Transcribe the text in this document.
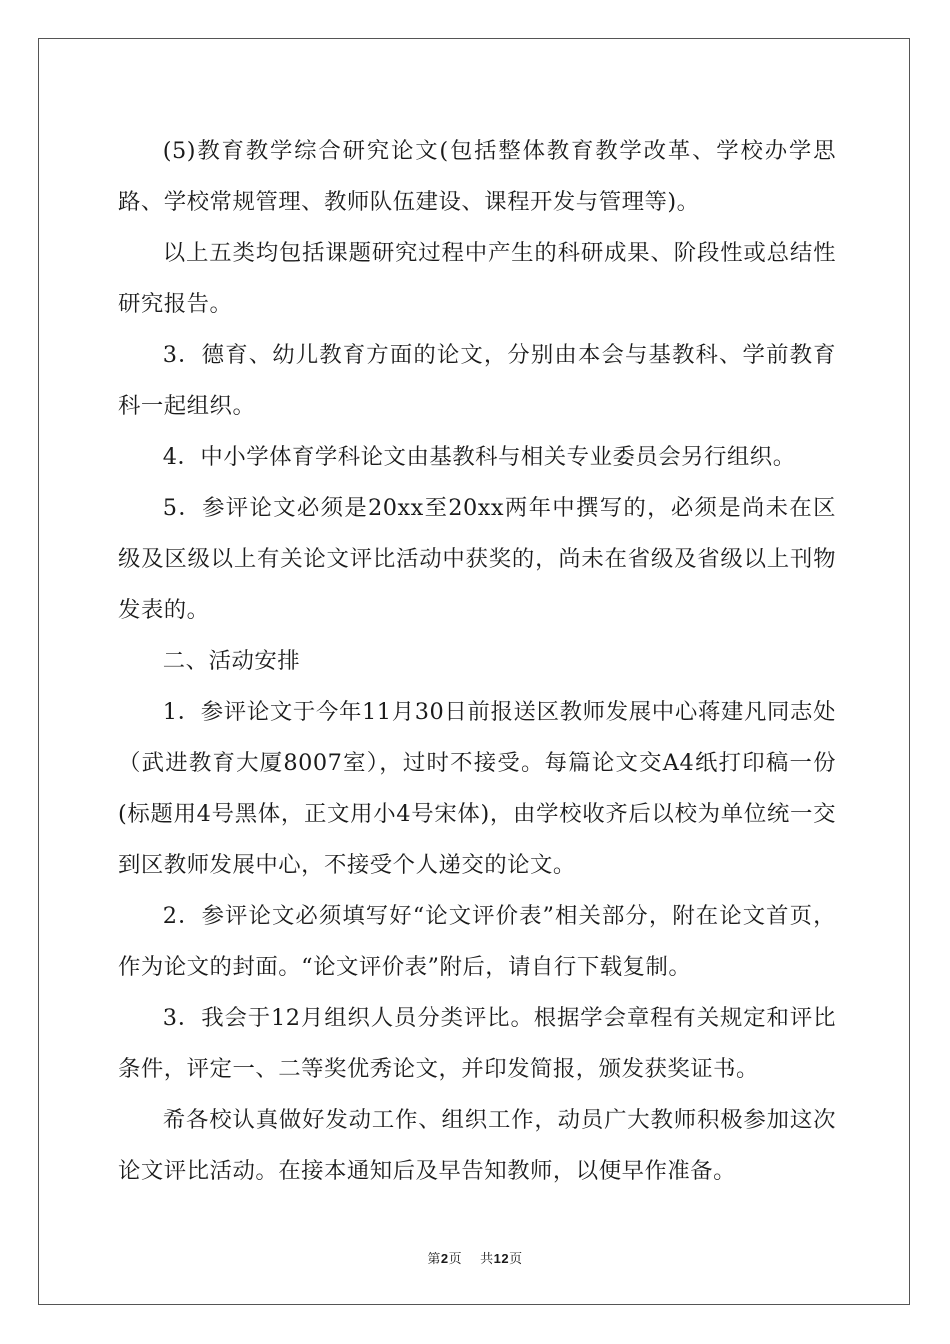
(5)教育教学综合研究论文(包括整体教育教学改革、学校办学思路、学校常规管理、教师队伍建设、课程开发与管理等)。

以上五类均包括课题研究过程中产生的科研成果、阶段性或总结性研究报告。

3．德育、幼儿教育方面的论文，分别由本会与基教科、学前教育科一起组织。

4．中小学体育学科论文由基教科与相关专业委员会另行组织。

5．参评论文必须是20xx至20xx两年中撰写的，必须是尚未在区级及区级以上有关论文评比活动中获奖的，尚未在省级及省级以上刊物发表的。

二、活动安排

1．参评论文于今年11月30日前报送区教师发展中心蒋建凡同志处（武进教育大厦8007室），过时不接受。每篇论文交A4纸打印稿一份(标题用4号黑体，正文用小4号宋体)，由学校收齐后以校为单位统一交到区教师发展中心，不接受个人递交的论文。

2．参评论文必须填写好“论文评价表”相关部分，附在论文首页，作为论文的封面。“论文评价表”附后，请自行下载复制。

3．我会于12月组织人员分类评比。根据学会章程有关规定和评比条件，评定一、二等奖优秀论文，并印发简报，颁发获奖证书。

希各校认真做好发动工作、组织工作，动员广大教师积极参加这次论文评比活动。在接本通知后及早告知教师，以便早作准备。

第2页 共12页
